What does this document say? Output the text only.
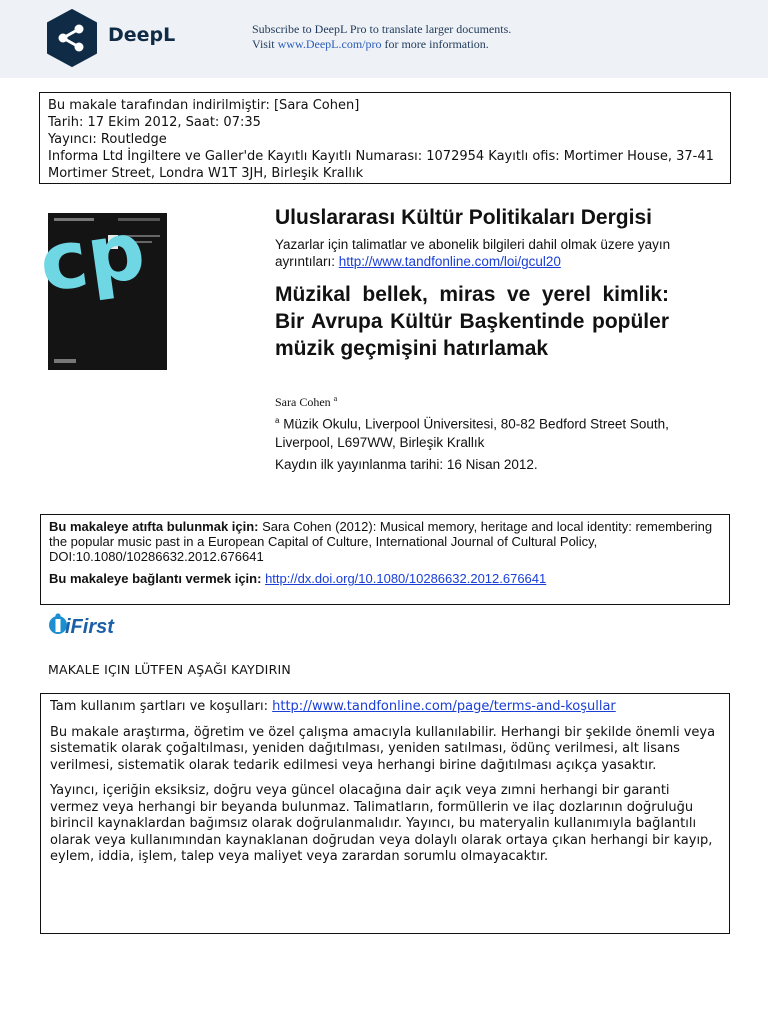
DeepL	Subscribe to DeepL Pro to translate larger documents.
Visit www.DeepL.com/pro for more information.
Bu makale tarafından indirilmiştir: [Sara Cohen]
Tarih: 17 Ekim 2012, Saat: 07:35
Yayıncı: Routledge
Informa Ltd İngiltere ve Galler'de Kayıtlı Kayıtlı Numarası: 1072954 Kayıtlı ofis: Mortimer House, 37-41 Mortimer Street, Londra W1T 3JH, Birleşik Krallık
cp	Uluslararası Kültür Politikaları Dergisi
Yazarlar için talimatlar ve abonelik bilgileri dahil olmak üzere yayın ayrıntıları: http://www.tandfonline.com/loi/gcul20
Müzikal bellek, miras ve yerel kimlik: Bir Avrupa Kültür Başkentinde popüler müzik geçmişini hatırlamak
Sara Cohen $^a$
$^a$ Müzik Okulu, Liverpool Üniversitesi, 80-82 Bedford Street South, Liverpool, L697WW, Birleşik Krallık
Kaydın ilk yayınlanma tarihi: 16 Nisan 2012.
Bu makaleye atıfta bulunmak için: Sara Cohen (2012): Musical memory, heritage and local identity: remembering the popular music past in a European Capital of Culture, International Journal of Cultural Policy, DOI:10.1080/10286632.2012.676641
Bu makaleye bağlantı vermek için: http://dx.doi.org/10.1080/10286632.2012.676641
iFirst
MAKALE IÇIN LÜTFEN AŞAĞI KAYDIRIN

Tam kullanım şartları ve koşulları: http://www.tandfonline.com/page/terms-and-koşullar

Bu makale araştırma, öğretim ve özel çalışma amacıyla kullanılabilir. Herhangi bir şekilde önemli veya sistematik olarak çoğaltılması, yeniden dağıtılması, yeniden satılması, ödünç verilmesi, alt lisans verilmesi, sistematik olarak tedarik edilmesi veya herhangi birine dağıtılması açıkça yasaktır.

Yayıncı, içeriğin eksiksiz, doğru veya güncel olacağına dair açık veya zımni herhangi bir garanti vermez veya herhangi bir beyanda bulunmaz. Talimatların, formüllerin ve ilaç dozlarının doğruluğu birincil kaynaklardan bağımsız olarak doğrulanmalıdır. Yayıncı, bu materyalin kullanımıyla bağlantılı olarak veya kullanımından kaynaklanan doğrudan veya dolaylı olarak ortaya çıkan herhangi bir kayıp, eylem, iddia, işlem, talep veya maliyet veya zarardan sorumlu olmayacaktır.
